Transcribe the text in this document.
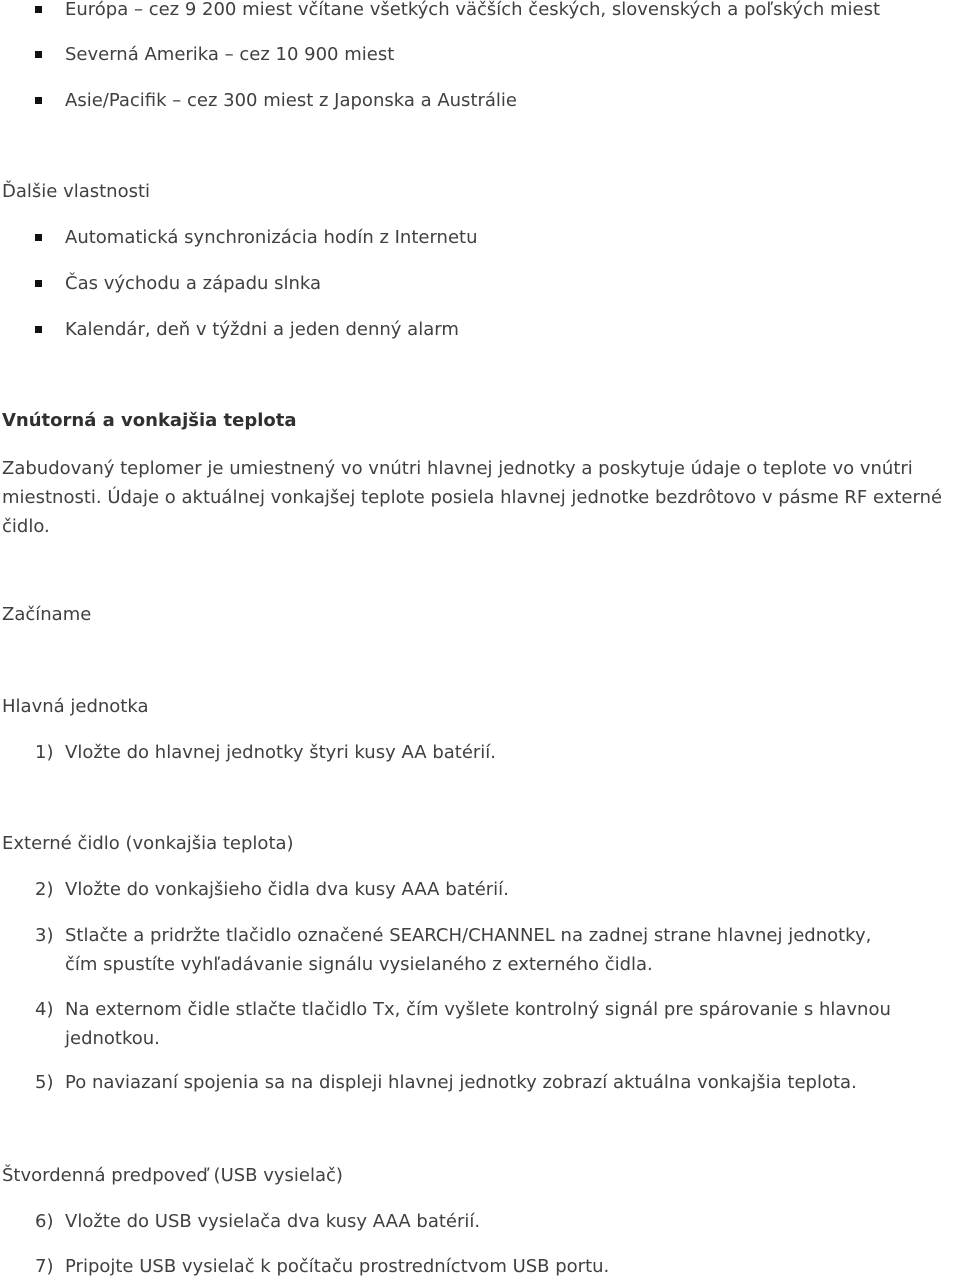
Európa – cez 9 200 miest včítane všetkých väčších českých, slovenských a poľských miest
Severná Amerika – cez 10 900 miest
Asie/Pacifik – cez 300 miest z Japonska a Austrálie
Ďalšie vlastnosti
Automatická synchronizácia hodín z Internetu
Čas východu a západu slnka
Kalendár, deň v týždni a jeden denný alarm
Vnútorná a vonkajšia teplota
Zabudovaný teplomer je umiestnený vo vnútri hlavnej jednotky a poskytuje údaje o teplote vo vnútri miestnosti. Údaje o aktuálnej vonkajšej teplote posiela hlavnej jednotke bezdrôtovo v pásme RF externé čidlo.
Začíname
Hlavná jednotka
1) Vložte do hlavnej jednotky štyri kusy AA batérií.
Externé čidlo (vonkajšia teplota)
2) Vložte do vonkajšieho čidla dva kusy AAA batérií.
3) Stlačte a pridržte tlačidlo označené SEARCH/CHANNEL na zadnej strane hlavnej jednotky,
čím spustíte vyhľadávanie signálu vysielaného z externého čidla.
4) Na externom čidle stlačte tlačidlo Tx, čím vyšlete kontrolný signál pre spárovanie s hlavnou
jednotkou.
5) Po naviazaní spojenia sa na displeji hlavnej jednotky zobrazí aktuálna vonkajšia teplota.
Štvordenná predpoveď (USB vysielač)
6) Vložte do USB vysielača dva kusy AAA batérií.
7) Pripojte USB vysielač k počítaču prostredníctvom USB portu.
